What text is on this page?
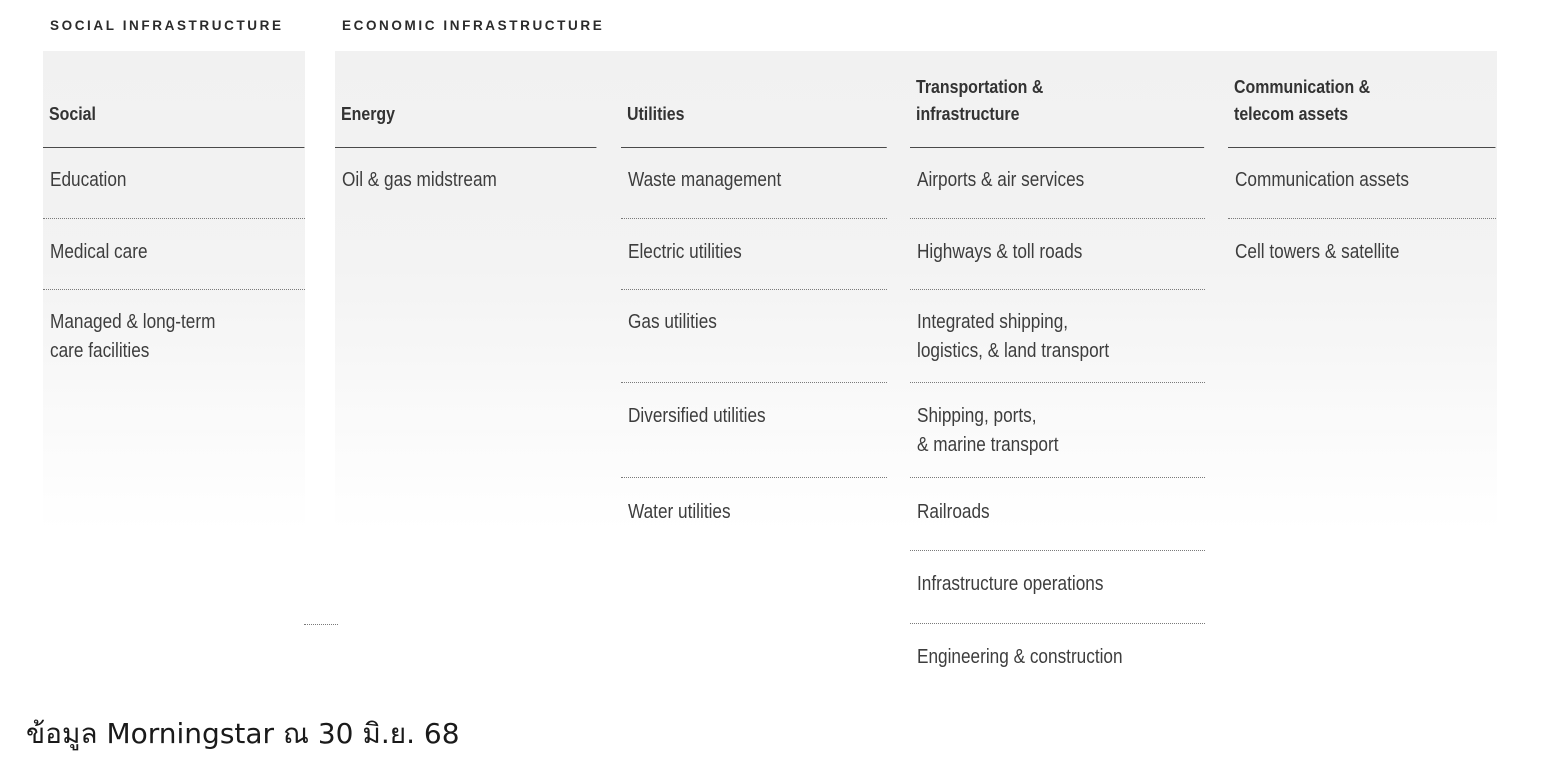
SOCIAL INFRASTRUCTURE	ECONOMIC INFRASTRUCTURE
Social
Education
Medical care
Managed & long-term
care facilities
Energy
Oil & gas midstream
Utilities
Waste management
Electric utilities
Gas utilities
Diversified utilities
Water utilities
Transportation &
infrastructure
Airports & air services
Highways & toll roads
Integrated shipping,
logistics, & land transport
Shipping, ports,
& marine transport
Railroads
Infrastructure operations
Engineering & construction
Communication &
telecom assets
Communication assets
Cell towers & satellite
ข้อมูล Morningstar ณ 30 มิ.ย. 68
